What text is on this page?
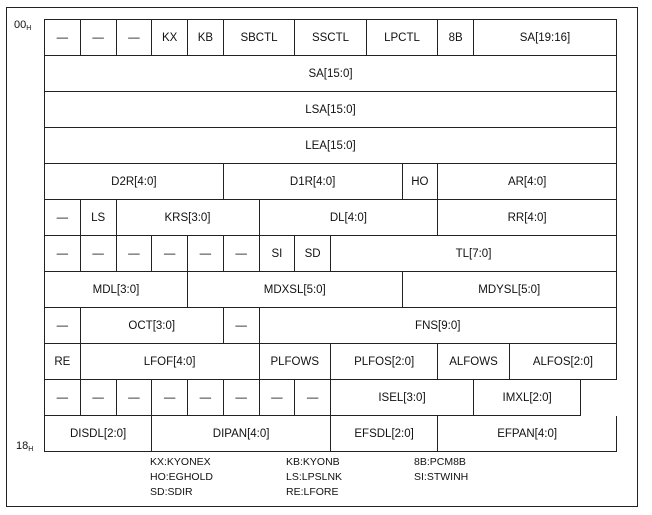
$00_H$
$18_H$
—	—	—	KX	KB	SBCTL	SSCTL	LPCTL	8B	SA[19:16]
SA[15:0]
LSA[15:0]
LEA[15:0]
D2R[4:0]	D1R[4:0]	HO	AR[4:0]
—	LS	KRS[3:0]	DL[4:0]	RR[4:0]
—	—	—	—	—	—	SI	SD	TL[7:0]
MDL[3:0]	MDXSL[5:0]	MDYSL[5:0]
—	OCT[3:0]	—	FNS[9:0]
RE	LFOF[4:0]	PLFOWS	PLFOS[2:0]	ALFOWS	ALFOS[2:0]
—	—	—	—	—	—	—	—	ISEL[3:0]	IMXL[2:0]
DISDL[2:0]	DIPAN[4:0]	EFSDL[2:0]	EFPAN[4:0]
KX:KYONEX	KB:KYONB	8B:PCM8B
HO:EGHOLD	LS:LPSLNK	SI:STWINH
SD:SDIR	RE:LFORE
